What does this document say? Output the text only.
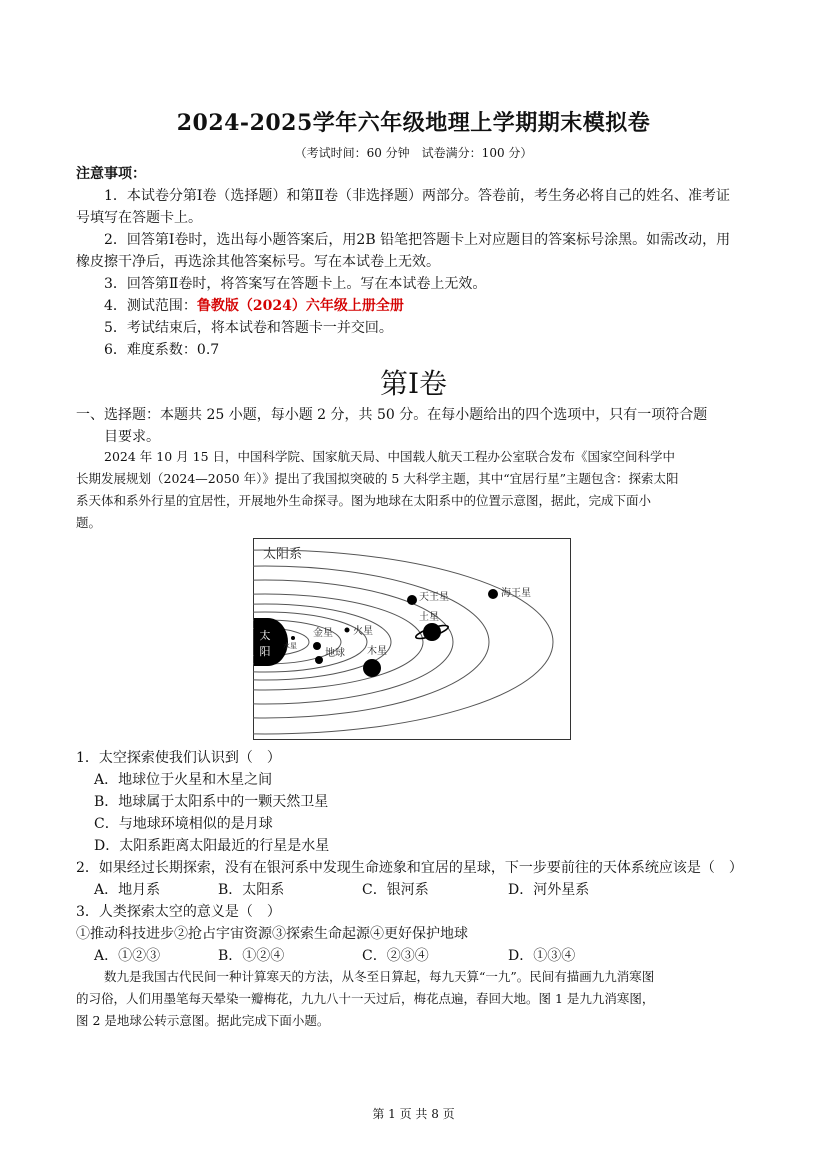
2024-2025学年六年级地理上学期期末模拟卷
（考试时间：60 分钟　试卷满分：100 分）
注意事项：
1．本试卷分第Ⅰ卷（选择题）和第Ⅱ卷（非选择题）两部分。答卷前，考生务必将自己的姓名、准考证
号填写在答题卡上。
2．回答第Ⅰ卷时，选出每小题答案后，用2B 铅笔把答题卡上对应题目的答案标号涂黑。如需改动，用
橡皮擦干净后，再选涂其他答案标号。写在本试卷上无效。
3．回答第Ⅱ卷时，将答案写在答题卡上。写在本试卷上无效。
4．测试范围：鲁教版（2024）六年级上册全册
5．考试结束后，将本试卷和答题卡一并交回。
6．难度系数：0.7
第Ⅰ卷
一、选择题：本题共 25 小题，每小题 2 分，共 50 分。在每小题给出的四个选项中，只有一项符合题
目要求。
2024 年 10 月 15 日，中国科学院、国家航天局、中国载人航天工程办公室联合发布《国家空间科学中
长期发展规划（2024—2050 年）》提出了我国拟突破的 5 大科学主题，其中“宜居行星”主题包含：探索太阳
系天体和系外行星的宜居性，开展地外生命探寻。图为地球在太阳系中的位置示意图，据此，完成下面小
题。
太阳系
太
阳 水星
金星
地球
火星
木星
土星
天王星	海王星
1．太空探索使我们认识到（　）
A．地球位于火星和木星之间
B．地球属于太阳系中的一颗天然卫星
C．与地球环境相似的是月球
D．太阳系距离太阳最近的行星是水星
2．如果经过长期探索，没有在银河系中发现生命迹象和宜居的星球，下一步要前往的天体系统应该是（　）
A．地月系	B．太阳系	C．银河系	D．河外星系
3．人类探索太空的意义是（　）
①推动科技进步②抢占宇宙资源③探索生命起源④更好保护地球
A．①②③	B．①②④	C．②③④	D．①③④
数九是我国古代民间一种计算寒天的方法，从冬至日算起，每九天算“一九”。民间有描画九九消寒图
的习俗，人们用墨笔每天晕染一瓣梅花，九九八十一天过后，梅花点遍，春回大地。图 1 是九九消寒图，
图 2 是地球公转示意图。据此完成下面小题。
第 1 页 共 8 页
